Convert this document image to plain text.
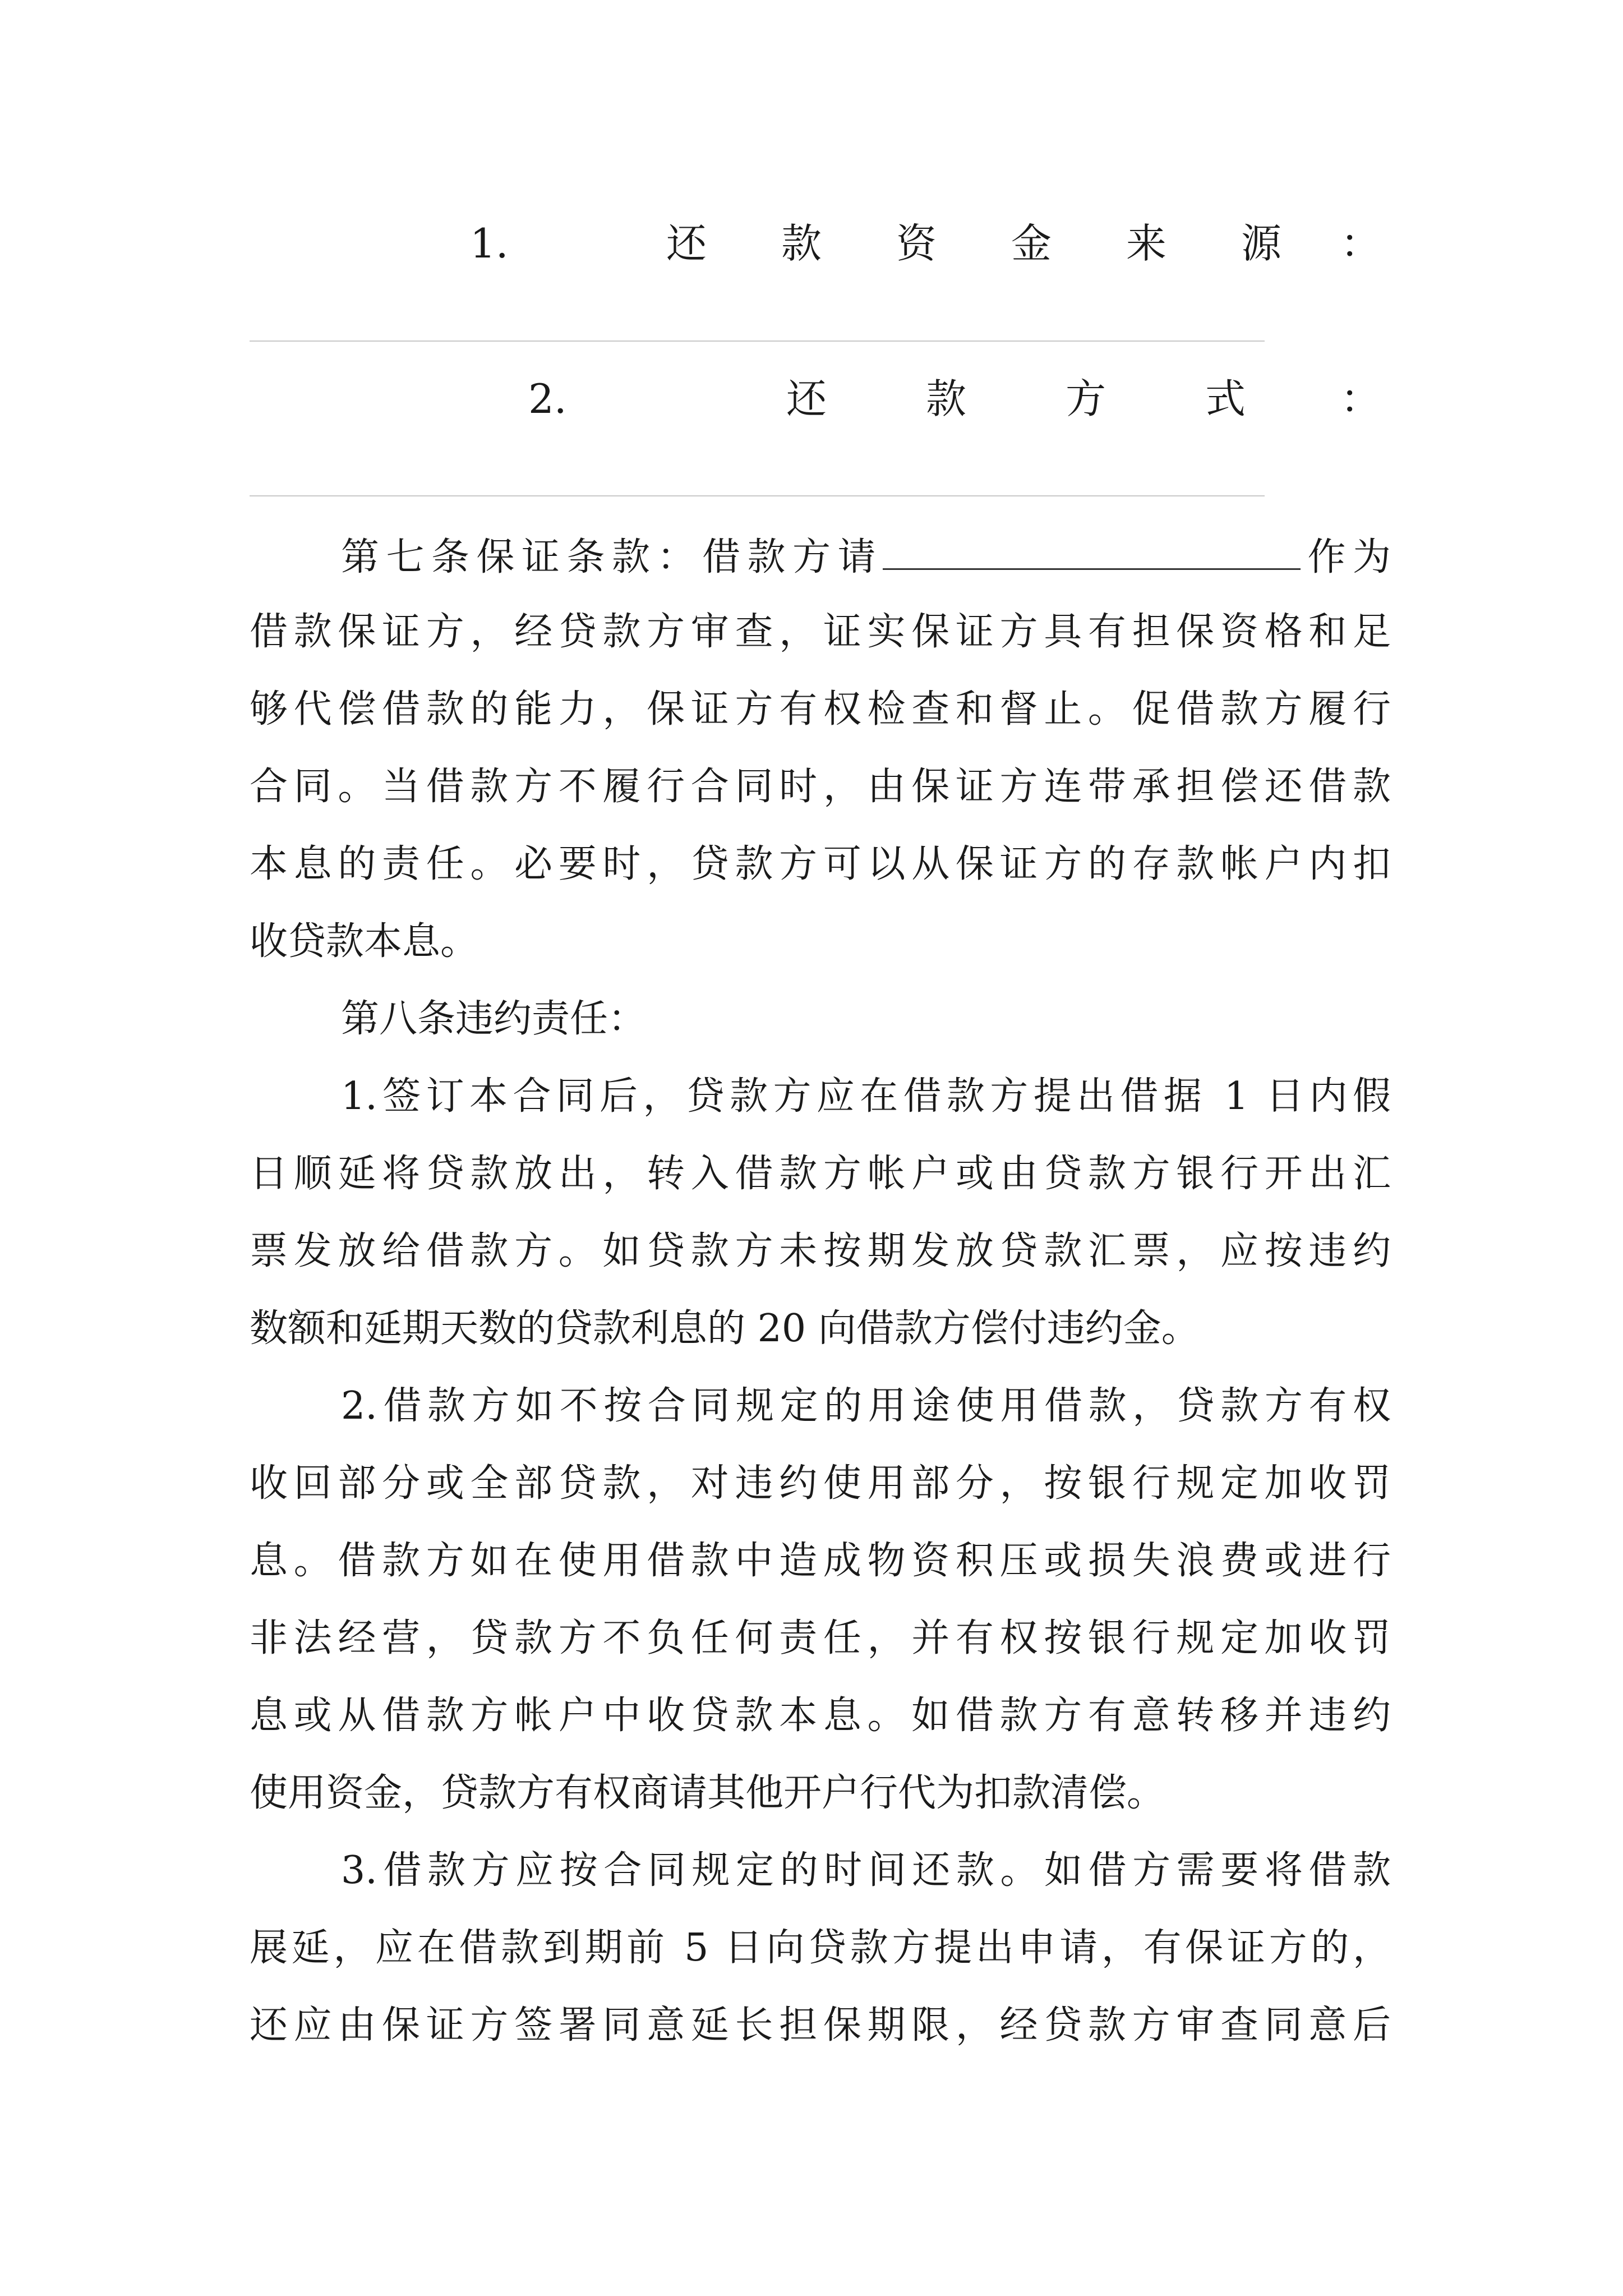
1.	还 款 资 金 来 源 ：
2.	还 款 方 式 ：
第七条保证条款：借款方请	作为
借款保证方，经贷款方审查，证实保证方具有担保资格和足
够代偿借款的能力，保证方有权检查和督止。促借款方履行
合同。当借款方不履行合同时，由保证方连带承担偿还借款
本息的责任。必要时，贷款方可以从保证方的存款帐户内扣
收贷款本息。
第八条违约责任：
1.签订本合同后，贷款方应在借款方提出借据 1 日内假
日顺延将贷款放出，转入借款方帐户或由贷款方银行开出汇
票发放给借款方。如贷款方未按期发放贷款汇票，应按违约
数额和延期天数的贷款利息的 20 向借款方偿付违约金。
2.借款方如不按合同规定的用途使用借款，贷款方有权
收回部分或全部贷款，对违约使用部分，按银行规定加收罚
息。借款方如在使用借款中造成物资积压或损失浪费或进行
非法经营，贷款方不负任何责任，并有权按银行规定加收罚
息或从借款方帐户中收贷款本息。如借款方有意转移并违约
使用资金，贷款方有权商请其他开户行代为扣款清偿。
3.借款方应按合同规定的时间还款。如借方需要将借款
展延，应在借款到期前 5 日向贷款方提出申请，有保证方的，
还应由保证方签署同意延长担保期限，经贷款方审查同意后
